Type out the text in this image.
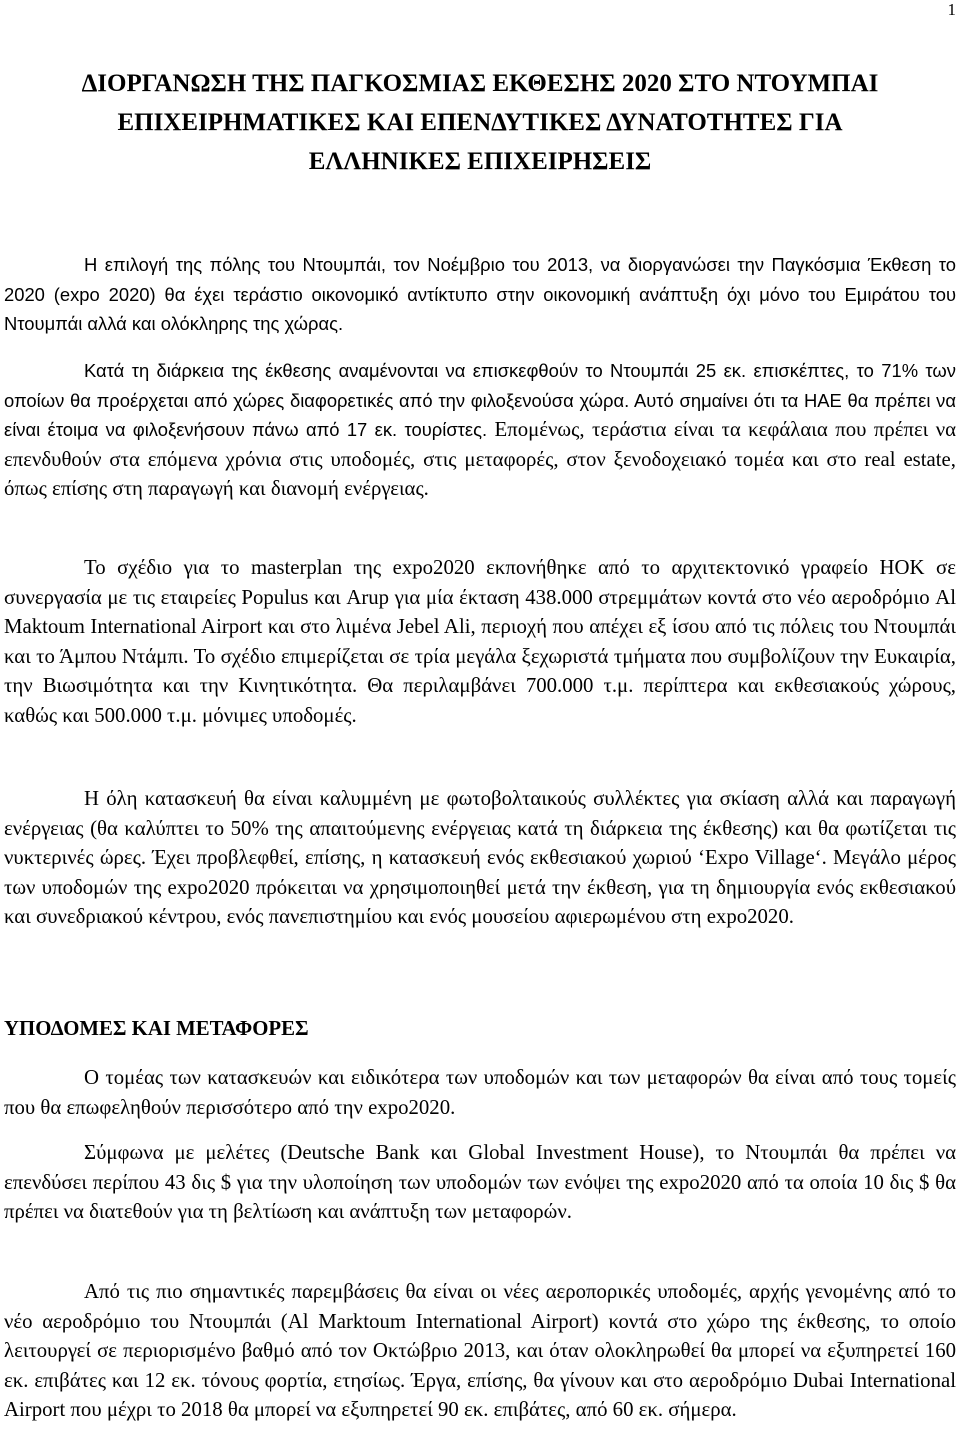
1
ΔΙΟΡΓΑΝΩΣΗ ΤΗΣ ΠΑΓΚΟΣΜΙΑΣ ΕΚΘΕΣΗΣ 2020 ΣΤΟ ΝΤΟΥΜΠΑΙ
ΕΠΙΧΕΙΡΗΜΑΤΙΚΕΣ ΚΑΙ ΕΠΕΝΔΥΤΙΚΕΣ ΔΥΝΑΤΟΤΗΤΕΣ ΓΙΑ
ΕΛΛΗΝΙΚΕΣ ΕΠΙΧΕΙΡΗΣΕΙΣ
Η επιλογή της πόλης του Ντουμπάι, τον Νοέμβριο του 2013, να διοργανώσει την Παγκόσμια Έκθεση το 2020 (expo 2020) θα έχει τεράστιο οικονομικό αντίκτυπο στην οικονομική ανάπτυξη όχι μόνο του Εμιράτου του Ντουμπάι αλλά και ολόκληρης της χώρας.
Κατά τη διάρκεια της έκθεσης αναμένονται να επισκεφθούν το Ντουμπάι 25 εκ. επισκέπτες, το 71% των οποίων θα προέρχεται από χώρες διαφορετικές από την φιλοξενούσα χώρα. Αυτό σημαίνει ότι τα ΗΑΕ θα πρέπει να είναι έτοιμα να φιλοξενήσουν πάνω από 17 εκ. τουρίστες. Επομένως, τεράστια είναι τα κεφάλαια που πρέπει να επενδυθούν στα επόμενα χρόνια στις υποδομές, στις μεταφορές, στον ξενοδοχειακό τομέα και στο real estate, όπως επίσης στη παραγωγή και διανομή ενέργειας.
Το σχέδιο για το masterplan της expo2020 εκπονήθηκε από το αρχιτεκτονικό γραφείο HOK σε συνεργασία με τις εταιρείες Populus και Arup για μία έκταση 438.000 στρεμμάτων κοντά στο νέο αεροδρόμιο Al Maktoum International Airport και στο λιμένα Jebel Ali, περιοχή που απέχει εξ ίσου από τις πόλεις του Ντουμπάι και το Άμπου Ντάμπι. Το σχέδιο επιμερίζεται σε τρία μεγάλα ξεχωριστά τμήματα που συμβολίζουν την Ευκαιρία, την Βιωσιμότητα και την Κινητικότητα. Θα περιλαμβάνει 700.000 τ.μ. περίπτερα και εκθεσιακούς χώρους, καθώς και 500.000 τ.μ. μόνιμες υποδομές.
Η όλη κατασκευή θα είναι καλυμμένη με φωτοβολταικούς συλλέκτες για σκίαση αλλά και παραγωγή ενέργειας (θα καλύπτει το 50% της απαιτούμενης ενέργειας κατά τη διάρκεια της έκθεσης) και θα φωτίζεται τις νυκτερινές ώρες. Έχει προβλεφθεί, επίσης, η κατασκευή ενός εκθεσιακού χωριού ‘Expo Village‘. Μεγάλο μέρος των υποδομών της expo2020 πρόκειται να χρησιμοποιηθεί μετά την έκθεση, για τη δημιουργία ενός εκθεσιακού και συνεδριακού κέντρου, ενός πανεπιστημίου και ενός μουσείου αφιερωμένου στη expo2020.
ΥΠΟΔΟΜΕΣ ΚΑΙ ΜΕΤΑΦΟΡΕΣ
Ο τομέας των κατασκευών και ειδικότερα των υποδομών και των μεταφορών θα είναι από τους τομείς που θα επωφεληθούν περισσότερο από την expo2020.
Σύμφωνα με μελέτες (Deutsche Bank και Global Investment House), το Ντουμπάι θα πρέπει να επενδύσει περίπου 43 δις $ για την υλοποίηση των υποδομών των ενόψει της expo2020 από τα οποία 10 δις $ θα πρέπει να διατεθούν για τη βελτίωση και ανάπτυξη των μεταφορών.
Από τις πιο σημαντικές παρεμβάσεις θα είναι οι νέες αεροπορικές υποδομές, αρχής γενομένης από το νέο αεροδρόμιο του Ντουμπάι (Al Marktoum International Airport) κοντά στο χώρο της έκθεσης, το οποίο λειτουργεί σε περιορισμένο βαθμό από τον Οκτώβριο 2013, και όταν ολοκληρωθεί θα μπορεί να εξυπηρετεί 160 εκ. επιβάτες και 12 εκ. τόνους φορτία, ετησίως. Έργα, επίσης, θα γίνουν και στο αεροδρόμιο Dubai International Airport που μέχρι το 2018 θα μπορεί να εξυπηρετεί 90 εκ. επιβάτες, από 60 εκ. σήμερα.
